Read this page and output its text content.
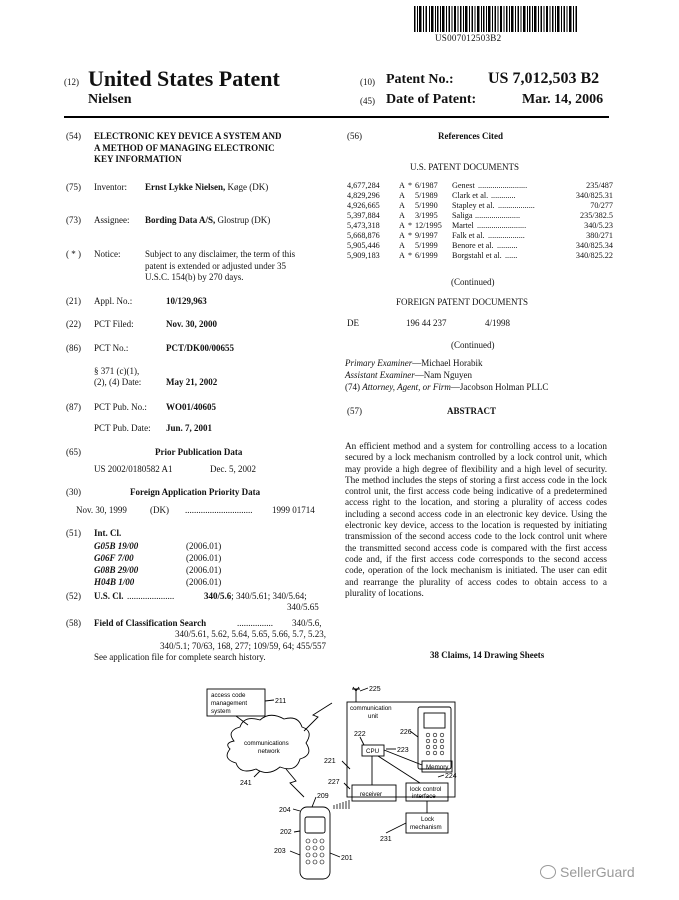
US007012503B2
(12) United States Patent
Nielsen
(10) Patent No.: US 7,012,503 B2
(45) Date of Patent:	Mar. 14, 2006
(54) ELECTRONIC KEY DEVICE A SYSTEM AND
A METHOD OF MANAGING ELECTRONIC
KEY INFORMATION
(75) Inventor: Ernst Lykke Nielsen, Køge (DK)
(73) Assignee: Bording Data A/S, Glostrup (DK)
( * ) Notice:	Subject to any disclaimer, the term of this
patent is extended or adjusted under 35
U.S.C. 154(b) by 270 days.
(21) Appl. No.:	10/129,963
(22) PCT Filed:	Nov. 30, 2000
(86) PCT No.:	PCT/DK00/00655
§ 371 (c)(1),
(2), (4) Date:	May 21, 2002
(87) PCT Pub. No.: WO01/40605
PCT Pub. Date: Jun. 7, 2001
(65)	Prior Publication Data
US 2002/0180582 A1	Dec. 5, 2002
(30)	Foreign Application Priority Data
Nov. 30, 1999	(DK) .............................. 1999 01714
(51) Int. Cl.
G05B 19/00	(2006.01)
G06F 7/00	(2006.01)
G08B 29/00	(2006.01)
H04B 1/00	(2006.01)
(52) U.S. Cl. .....................	340/5.6; 340/5.61; 340/5.64;
340/5.65
(58) Field of Classification Search	................ 340/5.6,
340/5.61, 5.62, 5.64, 5.65, 5.66, 5.7, 5.23,
340/5.1; 70/63, 168, 277; 109/59, 64; 455/557
See application file for complete search history.
(56)	References Cited
U.S. PATENT DOCUMENTS
4,677,284 A * 6/1987 Genest ........................	235/487
4,829,296 A 5/1989 Clark et al. ............	340/825.31
4,926,665 A 5/1990 Stapley et al. ..................	70/277
5,397,884 A 3/1995 Saliga ......................	235/382.5
5,473,318 A * 12/1995 Martel ........................	340/5.23
5,668,876 A * 9/1997 Falk et al. ..................	380/271
5,905,446 A 5/1999 Benore et al. ..........	340/825.34
5,909,183 A * 6/1999 Borgstahl et al. ......	340/825.22
(Continued)
FOREIGN PATENT DOCUMENTS
DE	196 44 237	4/1998
(Continued)
Primary Examiner—Michael Horabik
Assistant Examiner—Nam Nguyen
(74) Attorney, Agent, or Firm—Jacobson Holman PLLC
(57)	ABSTRACT
An efficient method and a system for controlling access to a location secured by a lock mechanism controlled by a lock control unit, which may provide a high degree of flexibility and a high level of security. The method includes the steps of storing a first access code in the lock control unit, the first access code being indicative of a predetermined access right to the location, and storing a plurality of access codes including a second access code in an electronic key device. Using the electronic key device, access to the location is requested by initiating transmission of the second access code to the lock control unit where the transmitted second access code is compared with the first access code and, if the first access code corresponds to the second access code, operation of the lock mechanism is initiated. The user can edit and rearrange the plurality of access codes to obtain access to a plurality of locations.
38 Claims, 14 Drawing Sheets
access code
management
system
communications
network
communication
unit
CPU
Memory
receiver
lock control
interface
Lock
mechanism
211
225
222	226
223
221
224
227
209
241
204
202
231
203
201
SellerGuard
